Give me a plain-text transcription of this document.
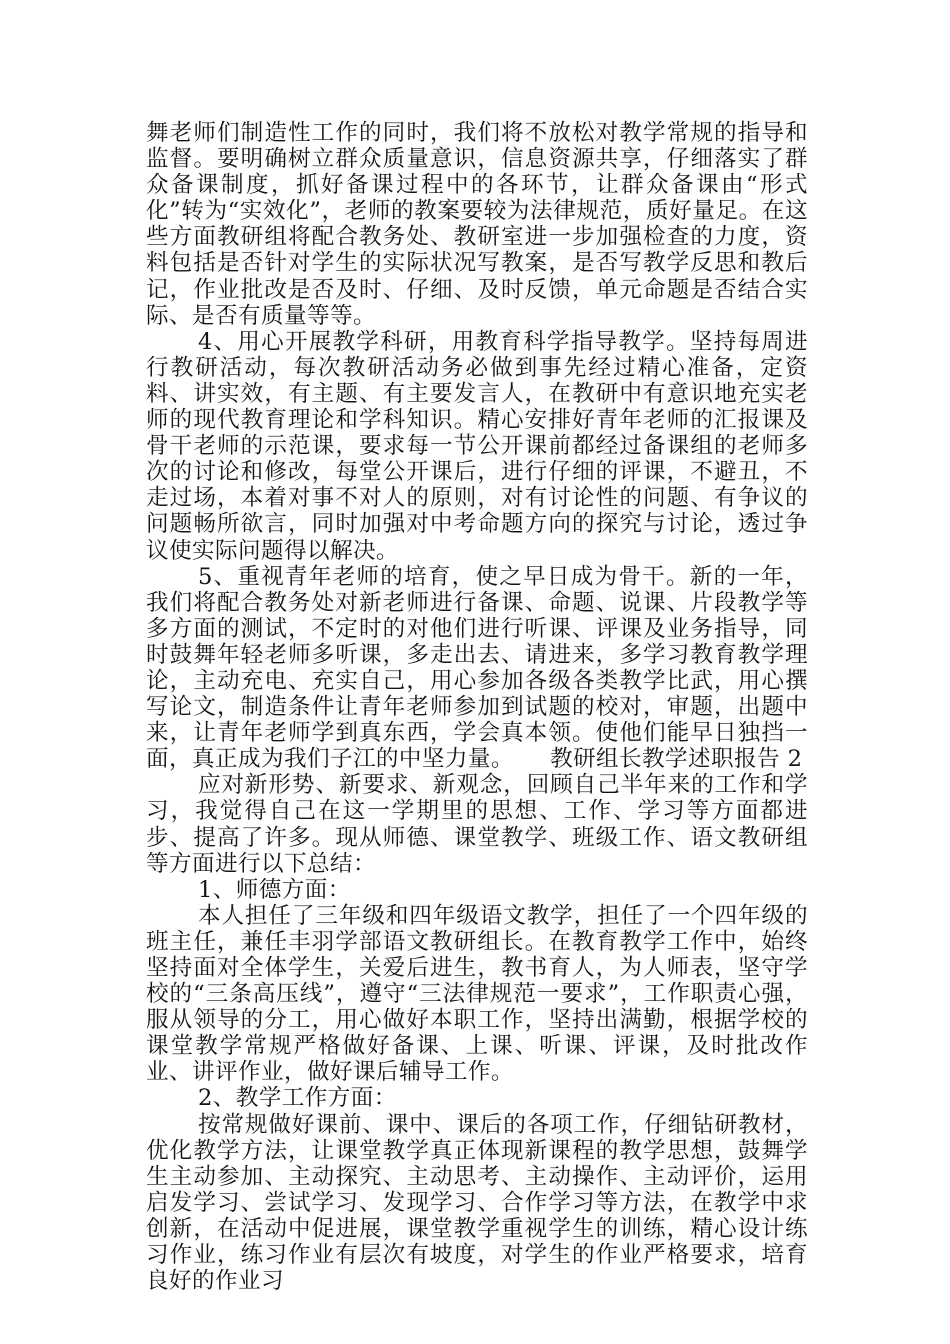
舞老师们制造性工作的同时，我们将不放松对教学常规的指导和监督。要明确树立群众质量意识，信息资源共享，仔细落实了群众备课制度，抓好备课过程中的各环节，让群众备课由“形式化”转为“实效化”，老师的教案要较为法律规范，质好量足。在这些方面教研组将配合教务处、教研室进一步加强检查的力度，资料包括是否针对学生的实际状况写教案，是否写教学反思和教后记，作业批改是否及时、仔细、及时反馈，单元命题是否结合实际、是否有质量等等。

4、用心开展教学科研，用教育科学指导教学。坚持每周进行教研活动，每次教研活动务必做到事先经过精心准备，定资料、讲实效，有主题、有主要发言人，在教研中有意识地充实老师的现代教育理论和学科知识。精心安排好青年老师的汇报课及骨干老师的示范课，要求每一节公开课前都经过备课组的老师多次的讨论和修改，每堂公开课后，进行仔细的评课，不避丑，不走过场，本着对事不对人的原则，对有讨论性的问题、有争议的问题畅所欲言，同时加强对中考命题方向的探究与讨论，透过争议使实际问题得以解决。

5、重视青年老师的培育，使之早日成为骨干。新的一年，我们将配合教务处对新老师进行备课、命题、说课、片段教学等多方面的测试，不定时的对他们进行听课、评课及业务指导，同时鼓舞年轻老师多听课，多走出去、请进来，多学习教育教学理论，主动充电、充实自己，用心参加各级各类教学比武，用心撰写论文，制造条件让青年老师参加到试题的校对，审题，出题中来，让青年老师学到真东西，学会真本领。使他们能早日独挡一面，真正成为我们子江的中坚力量。 教研组长教学述职报告 2

应对新形势、新要求、新观念，回顾自己半年来的工作和学习，我觉得自己在这一学期里的思想、工作、学习等方面都进步、提高了许多。现从师德、课堂教学、班级工作、语文教研组等方面进行以下总结：

1、师德方面：

本人担任了三年级和四年级语文教学，担任了一个四年级的班主任，兼任丰羽学部语文教研组长。在教育教学工作中，始终坚持面对全体学生，关爱后进生，教书育人，为人师表，坚守学校的“三条高压线”，遵守“三法律规范一要求”，工作职责心强，服从领导的分工，用心做好本职工作，坚持出满勤，根据学校的课堂教学常规严格做好备课、上课、听课、评课，及时批改作业、讲评作业，做好课后辅导工作。

2、教学工作方面：

按常规做好课前、课中、课后的各项工作，仔细钻研教材，优化教学方法，让课堂教学真正体现新课程的教学思想，鼓舞学生主动参加、主动探究、主动思考、主动操作、主动评价，运用启发学习、尝试学习、发现学习、合作学习等方法，在教学中求创新，在活动中促进展，课堂教学重视学生的训练，精心设计练习作业，练习作业有层次有坡度，对学生的作业严格要求，培育良好的作业习
